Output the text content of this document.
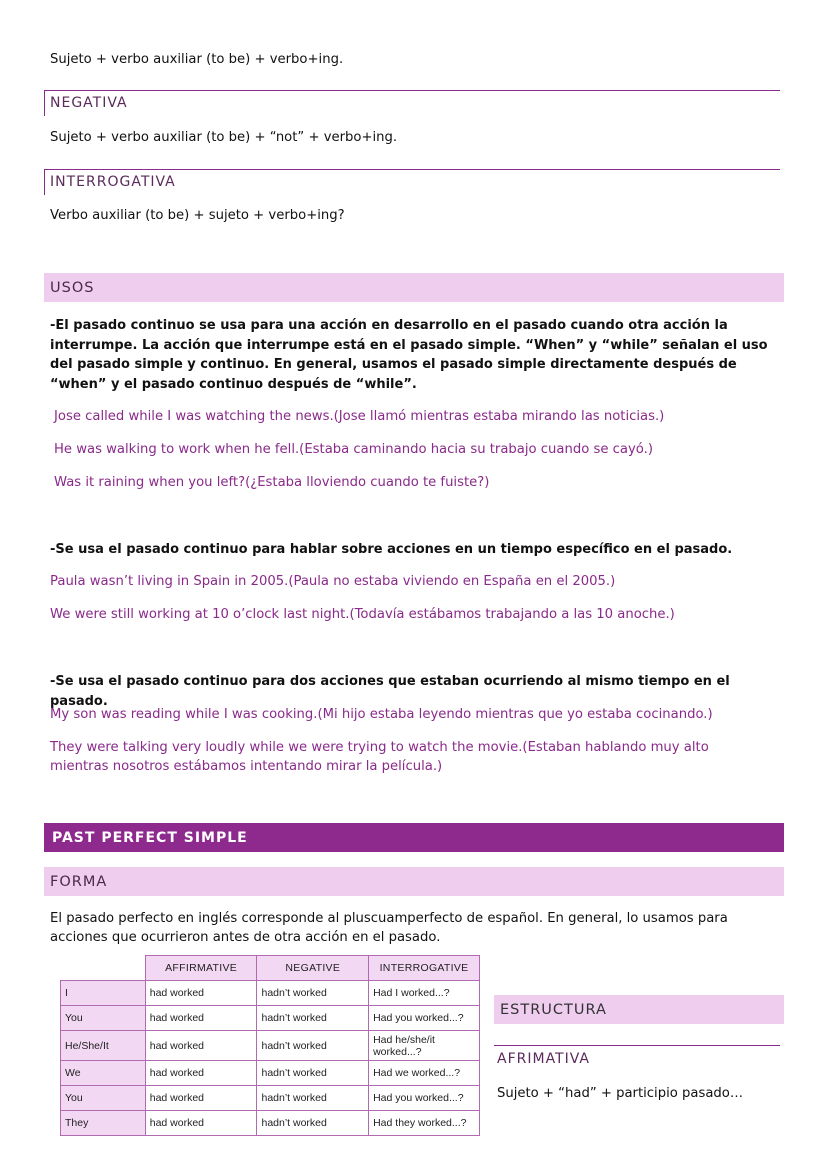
Sujeto + verbo auxiliar (to be) + verbo+ing.
NEGATIVA
Sujeto + verbo auxiliar (to be) + “not” + verbo+ing.
INTERROGATIVA
Verbo auxiliar (to be) + sujeto + verbo+ing?
USOS
-El pasado continuo se usa para una acción en desarrollo en el pasado cuando otra acción la interrumpe. La acción que interrumpe está en el pasado simple. “When” y “while” señalan el uso del pasado simple y continuo. En general, usamos el pasado simple directamente después de “when” y el pasado continuo después de “while”.
Jose called while I was watching the news.(Jose llamó mientras estaba mirando las noticias.)
He was walking to work when he fell.(Estaba caminando hacia su trabajo cuando se cayó.)
Was it raining when you left?(¿Estaba lloviendo cuando te fuiste?)
-Se usa el pasado continuo para hablar sobre acciones en un tiempo específico en el pasado.
Paula wasn’t living in Spain in 2005.(Paula no estaba viviendo en España en el 2005.)
We were still working at 10 o’clock last night.(Todavía estábamos trabajando a las 10 anoche.)
-Se usa el pasado continuo para dos acciones que estaban ocurriendo al mismo tiempo en el pasado.
My son was reading while I was cooking.(Mi hijo estaba leyendo mientras que yo estaba cocinando.)
They were talking very loudly while we were trying to watch the movie.(Estaban hablando muy alto mientras nosotros estábamos intentando mirar la película.)
PAST PERFECT SIMPLE
FORMA
El pasado perfecto en inglés corresponde al pluscuamperfecto de español. En general, lo usamos para acciones que ocurrieron antes de otra acción en el pasado.
	AFFIRMATIVE	NEGATIVE	INTERROGATIVE
I	had worked	hadn’t worked	Had I worked...?
You	had worked	hadn’t worked	Had you worked...?
He/She/It	had worked	hadn’t worked	Had he/she/it worked...?
We	had worked	hadn’t worked	Had we worked...?
You	had worked	hadn’t worked	Had you worked...?
They	had worked	hadn’t worked	Had they worked...?
ESTRUCTURA
AFRIMATIVA
Sujeto + “had” + participio pasado…
